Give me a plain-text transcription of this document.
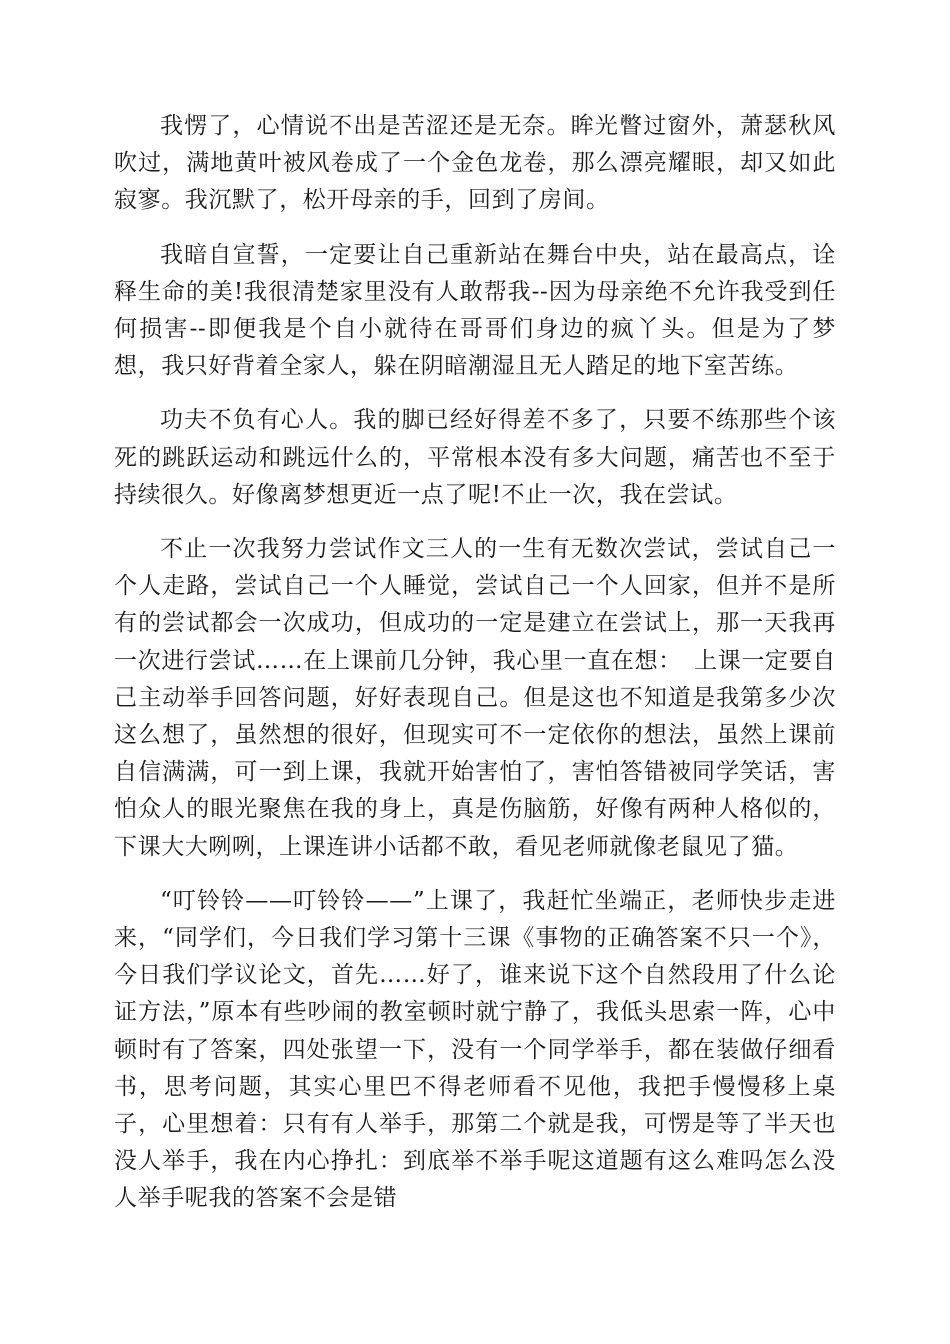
我愣了，心情说不出是苦涩还是无奈。眸光瞥过窗外，萧瑟秋风吹过，满地黄叶被风卷成了一个金色龙卷，那么漂亮耀眼，却又如此寂寥。我沉默了，松开母亲的手，回到了房间。

我暗自宣誓，一定要让自己重新站在舞台中央，站在最高点，诠释生命的美!我很清楚家里没有人敢帮我--因为母亲绝不允许我受到任何损害--即便我是个自小就待在哥哥们身边的疯丫头。但是为了梦想，我只好背着全家人，躲在阴暗潮湿且无人踏足的地下室苦练。

功夫不负有心人。我的脚已经好得差不多了，只要不练那些个该死的跳跃运动和跳远什么的，平常根本没有多大问题，痛苦也不至于持续很久。好像离梦想更近一点了呢!不止一次，我在尝试。

不止一次我努力尝试作文三人的一生有无数次尝试，尝试自己一个人走路，尝试自己一个人睡觉，尝试自己一个人回家，但并不是所有的尝试都会一次成功，但成功的一定是建立在尝试上，那一天我再一次进行尝试……在上课前几分钟，我心里一直在想：　上课一定要自己主动举手回答问题，好好表现自己。但是这也不知道是我第多少次这么想了，虽然想的很好，但现实可不一定依你的想法，虽然上课前自信满满，可一到上课，我就开始害怕了，害怕答错被同学笑话，害怕众人的眼光聚焦在我的身上，真是伤脑筋，好像有两种人格似的，下课大大咧咧，上课连讲小话都不敢，看见老师就像老鼠见了猫。

“叮铃铃——叮铃铃——”上课了，我赶忙坐端正，老师快步走进来，“同学们，今日我们学习第十三课《事物的正确答案不只一个》，今日我们学议论文，首先……好了，谁来说下这个自然段用了什么论证方法，”原本有些吵闹的教室顿时就宁静了，我低头思索一阵，心中顿时有了答案，四处张望一下，没有一个同学举手，都在装做仔细看书，思考问题，其实心里巴不得老师看不见他，我把手慢慢移上桌子，心里想着：只有有人举手，那第二个就是我，可愣是等了半天也没人举手，我在内心挣扎：到底举不举手呢这道题有这么难吗怎么没人举手呢我的答案不会是错
